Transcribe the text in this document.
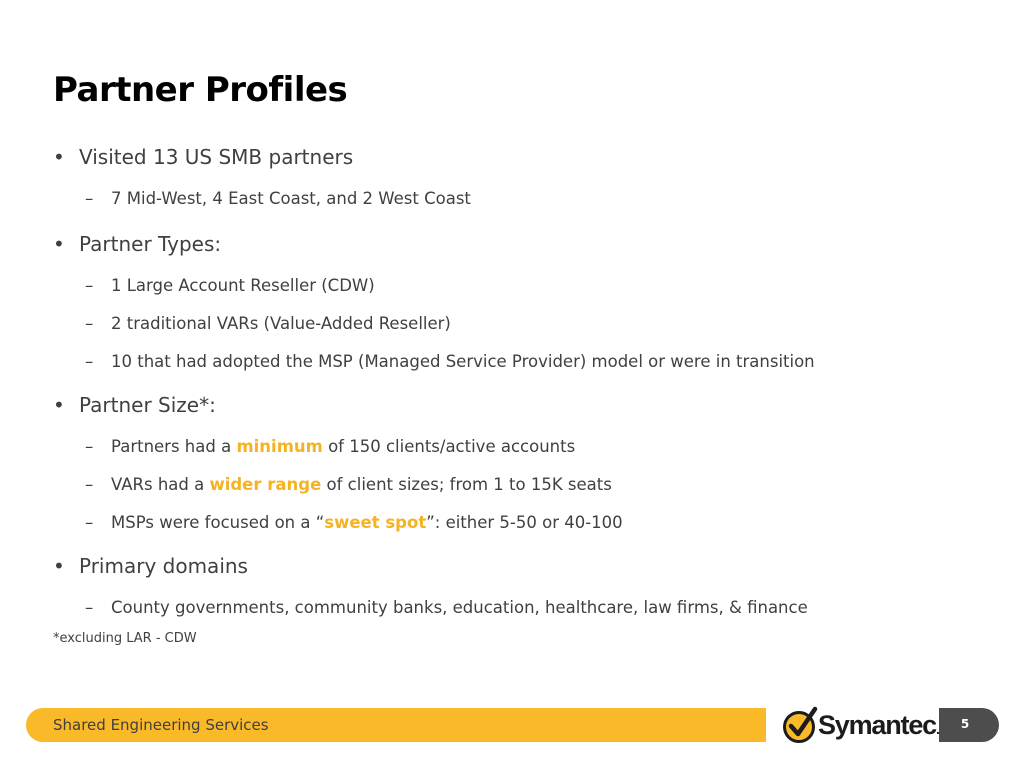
Partner Profiles
• Visited 13 US SMB partners
– 7 Mid-West, 4 East Coast, and 2 West Coast
• Partner Types:
– 1 Large Account Reseller (CDW)
– 2 traditional VARs (Value-Added Reseller)
– 10 that had adopted the MSP (Managed Service Provider) model or were in transition
• Partner Size*:
– Partners had a minimum of 150 clients/active accounts
– VARs had a wider range of client sizes; from 1 to 15K seats
– MSPs were focused on a “sweet spot”: either 5-50 or 40-100
• Primary domains
– County governments, community banks, education, healthcare, law firms, & finance
*excluding LAR - CDW
Shared Engineering Services	Symantec.	5
